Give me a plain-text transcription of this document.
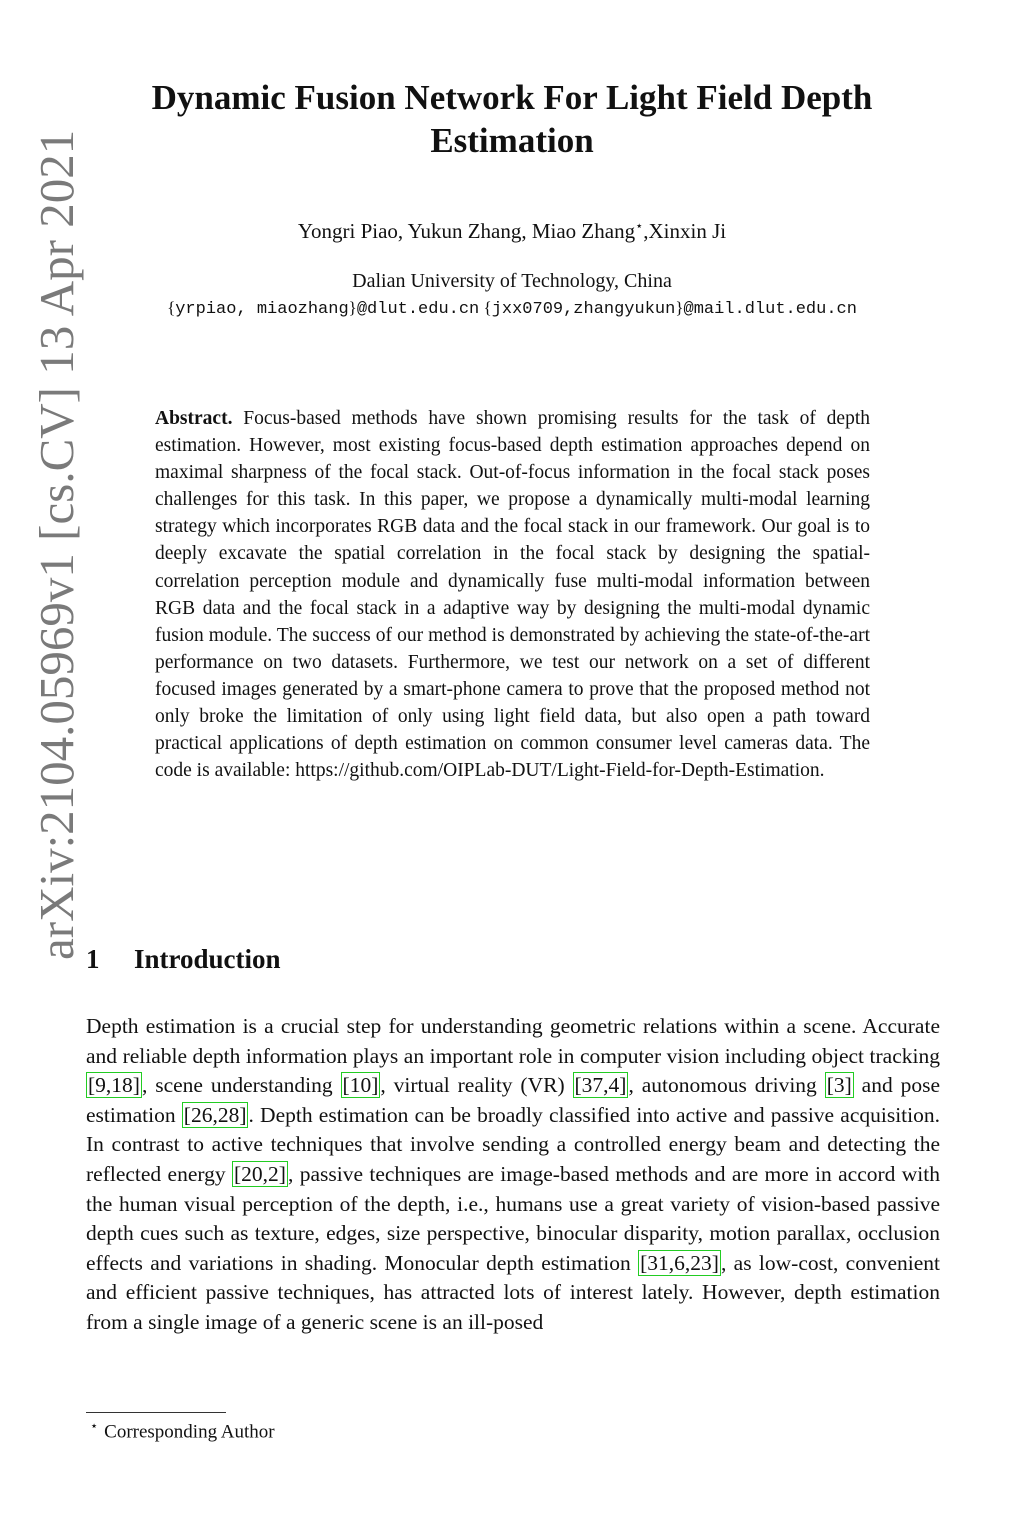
arXiv:2104.05969v1 [cs.CV] 13 Apr 2021
Dynamic Fusion Network For Light Field Depth Estimation
Yongri Piao, Yukun Zhang, Miao Zhang⋆,Xinxin Ji
Dalian University of Technology, China
{yrpiao, miaozhang}@dlut.edu.cn {jxx0709,zhangyukun}@mail.dlut.edu.cn
Abstract. Focus-based methods have shown promising results for the task of depth estimation. However, most existing focus-based depth estimation approaches depend on maximal sharpness of the focal stack. Out-of-focus information in the focal stack poses challenges for this task. In this paper, we propose a dynamically multi-modal learning strategy which incorporates RGB data and the focal stack in our framework. Our goal is to deeply excavate the spatial correlation in the focal stack by designing the spatial-correlation perception module and dynamically fuse multi-modal information between RGB data and the focal stack in a adaptive way by designing the multi-modal dynamic fusion module. The success of our method is demonstrated by achieving the state-of-the-art performance on two datasets. Furthermore, we test our network on a set of different focused images generated by a smart-phone camera to prove that the proposed method not only broke the limitation of only using light field data, but also open a path toward practical applications of depth estimation on common consumer level cameras data. The code is available: https://github.com/OIPLab-DUT/Light-Field-for-Depth-Estimation.
1 Introduction
Depth estimation is a crucial step for understanding geometric relations within a scene. Accurate and reliable depth information plays an important role in computer vision including object tracking [9,18], scene understanding [10], virtual reality (VR) [37,4], autonomous driving [3] and pose estimation [26,28]. Depth estimation can be broadly classified into active and passive acquisition. In contrast to active techniques that involve sending a controlled energy beam and detecting the reflected energy [20,2], passive techniques are image-based methods and are more in accord with the human visual perception of the depth, i.e., humans use a great variety of vision-based passive depth cues such as texture, edges, size perspective, binocular disparity, motion parallax, occlusion effects and variations in shading. Monocular depth estimation [31,6,23], as low-cost, convenient and efficient passive techniques, has attracted lots of interest lately. However, depth estimation from a single image of a generic scene is an ill-posed
⋆ Corresponding Author
